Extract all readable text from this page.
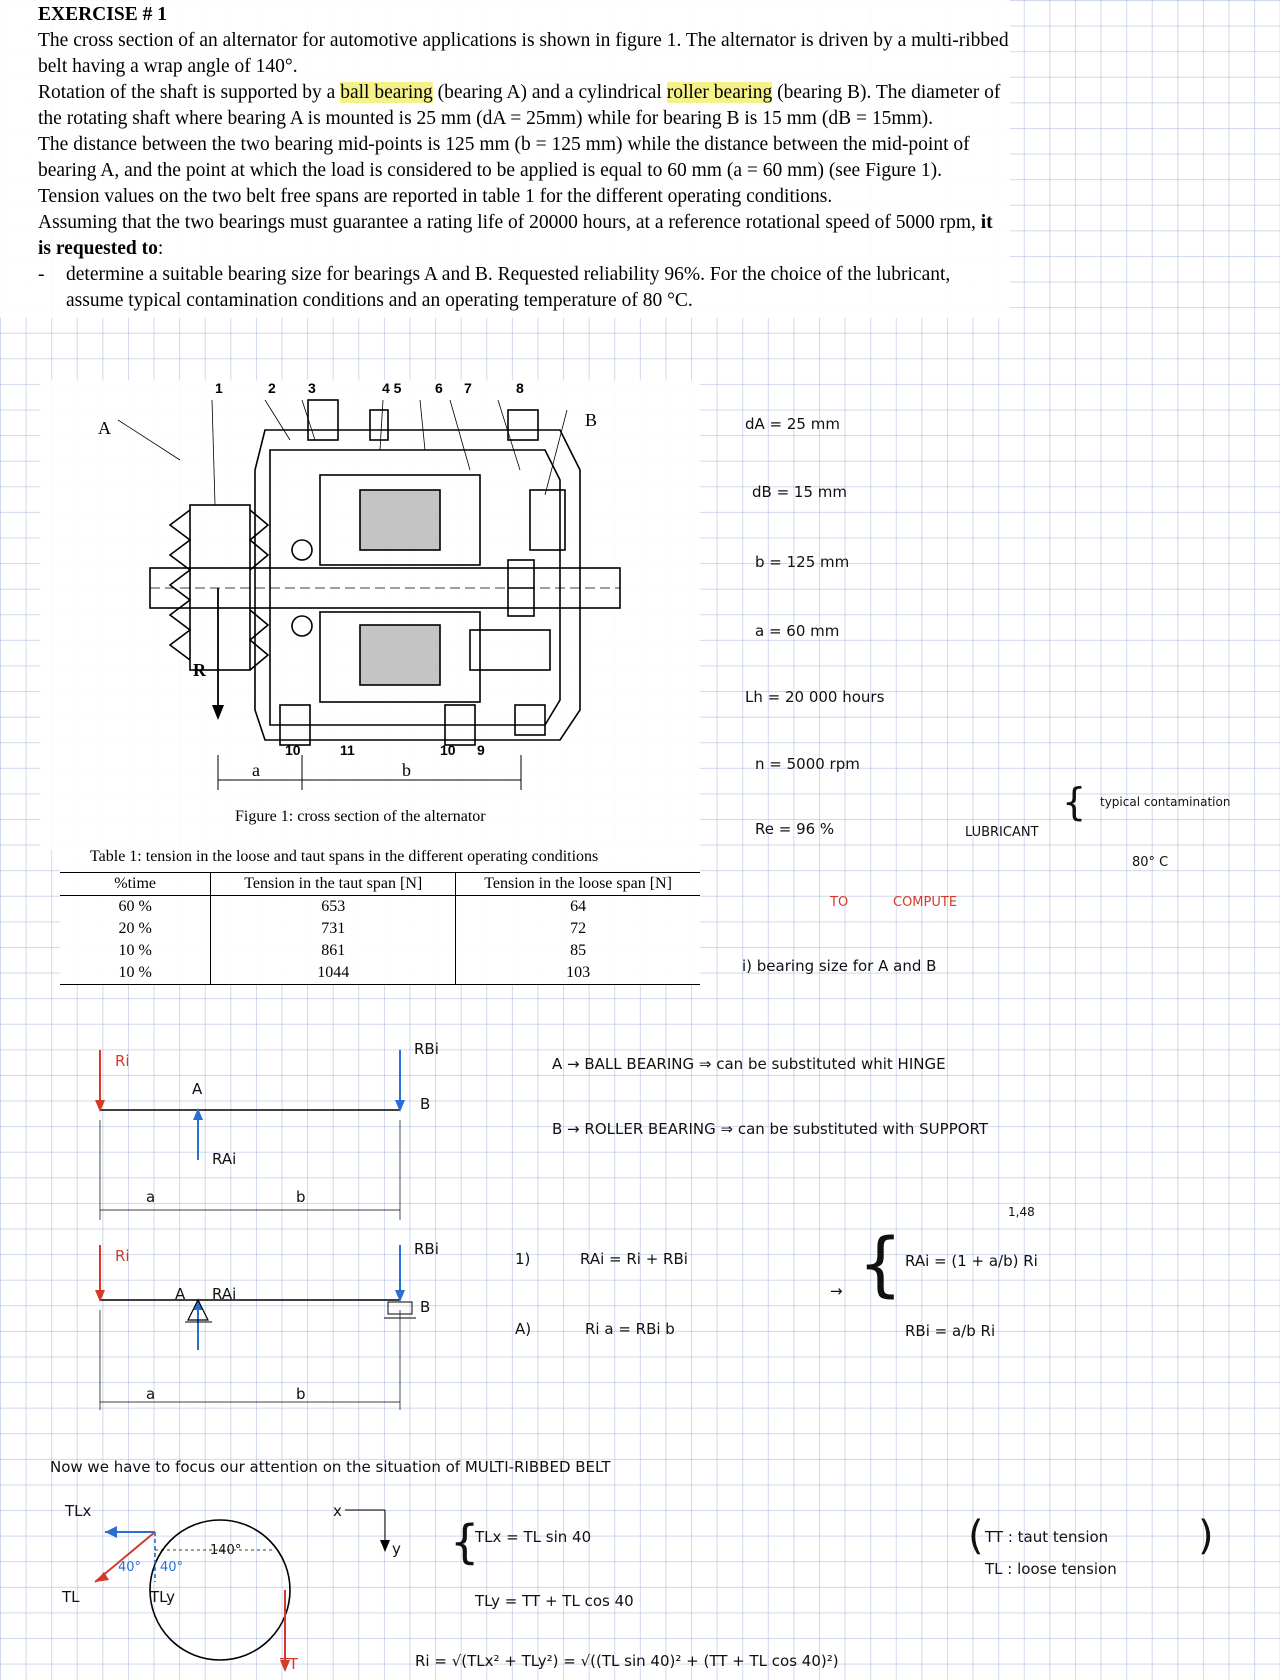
EXERCISE # 1

The cross section of an alternator for automotive applications is shown in figure 1. The alternator is driven by a multi-ribbed belt having a wrap angle of 140°.

Rotation of the shaft is supported by a ball bearing (bearing A) and a cylindrical roller bearing (bearing B). The diameter of the rotating shaft where bearing A is mounted is 25 mm (dA = 25mm) while for bearing B is 15 mm (dB = 15mm).

The distance between the two bearing mid-points is 125 mm (b = 125 mm) while the distance between the mid-point of bearing A, and the point at which the load is considered to be applied is equal to 60 mm (a = 60 mm) (see Figure 1).

Tension values on the two belt free spans are reported in table 1 for the different operating conditions.

Assuming that the two bearings must guarantee a rating life of 20000 hours, at a reference rotational speed of 5000 rpm, it is requested to:

-	determine a suitable bearing size for bearings A and B. Requested reliability 96%. For the choice of the lubricant, assume typical contamination conditions and an operating temperature of 80 °C.
1	2 3	4 5 6 7	8
10	11	10 9
A	B
R
a	b
Figure 1: cross section of the alternator
Table 1: tension in the loose and taut spans in the different operating conditions
%time	Tension in the taut span [N]	Tension in the loose span [N]
60 %	653	64
20 %	731	72
10 %	861	85
10 %	1044	103
dA = 25 mm
dB = 15 mm
b = 125 mm
a = 60 mm
Lh = 20 000 hours
n = 5000 rpm
Re = 96 %	LUBRICANT
{ typical contamination
80° C
TO	COMPUTE
i) bearing size for A and B
A → BALL BEARING ⇒ can be substituted whit HINGE
B → ROLLER BEARING ⇒ can be substituted with SUPPORT
1)	RAi = Ri + RBi
A)	Ri a = RBi b
→ {
1,48
RAi = (1 + a/b) Ri
RBi = a/b Ri
Now we have to focus our attention on the situation of MULTI-RIBBED BELT
{
TLx = TL sin 40
TLy = TT + TL cos 40
Ri = √(TLx² + TLy²) = √((TL sin 40)² + (TT + TL cos 40)²)
( TT : taut tension
TL : loose tension
)
Ri
A
RAi
RBi
B
a	b
Ri
A RAi
RBi
B
a	b
TLx
TL	TLy
40° 40°
140°
TT
x
y
